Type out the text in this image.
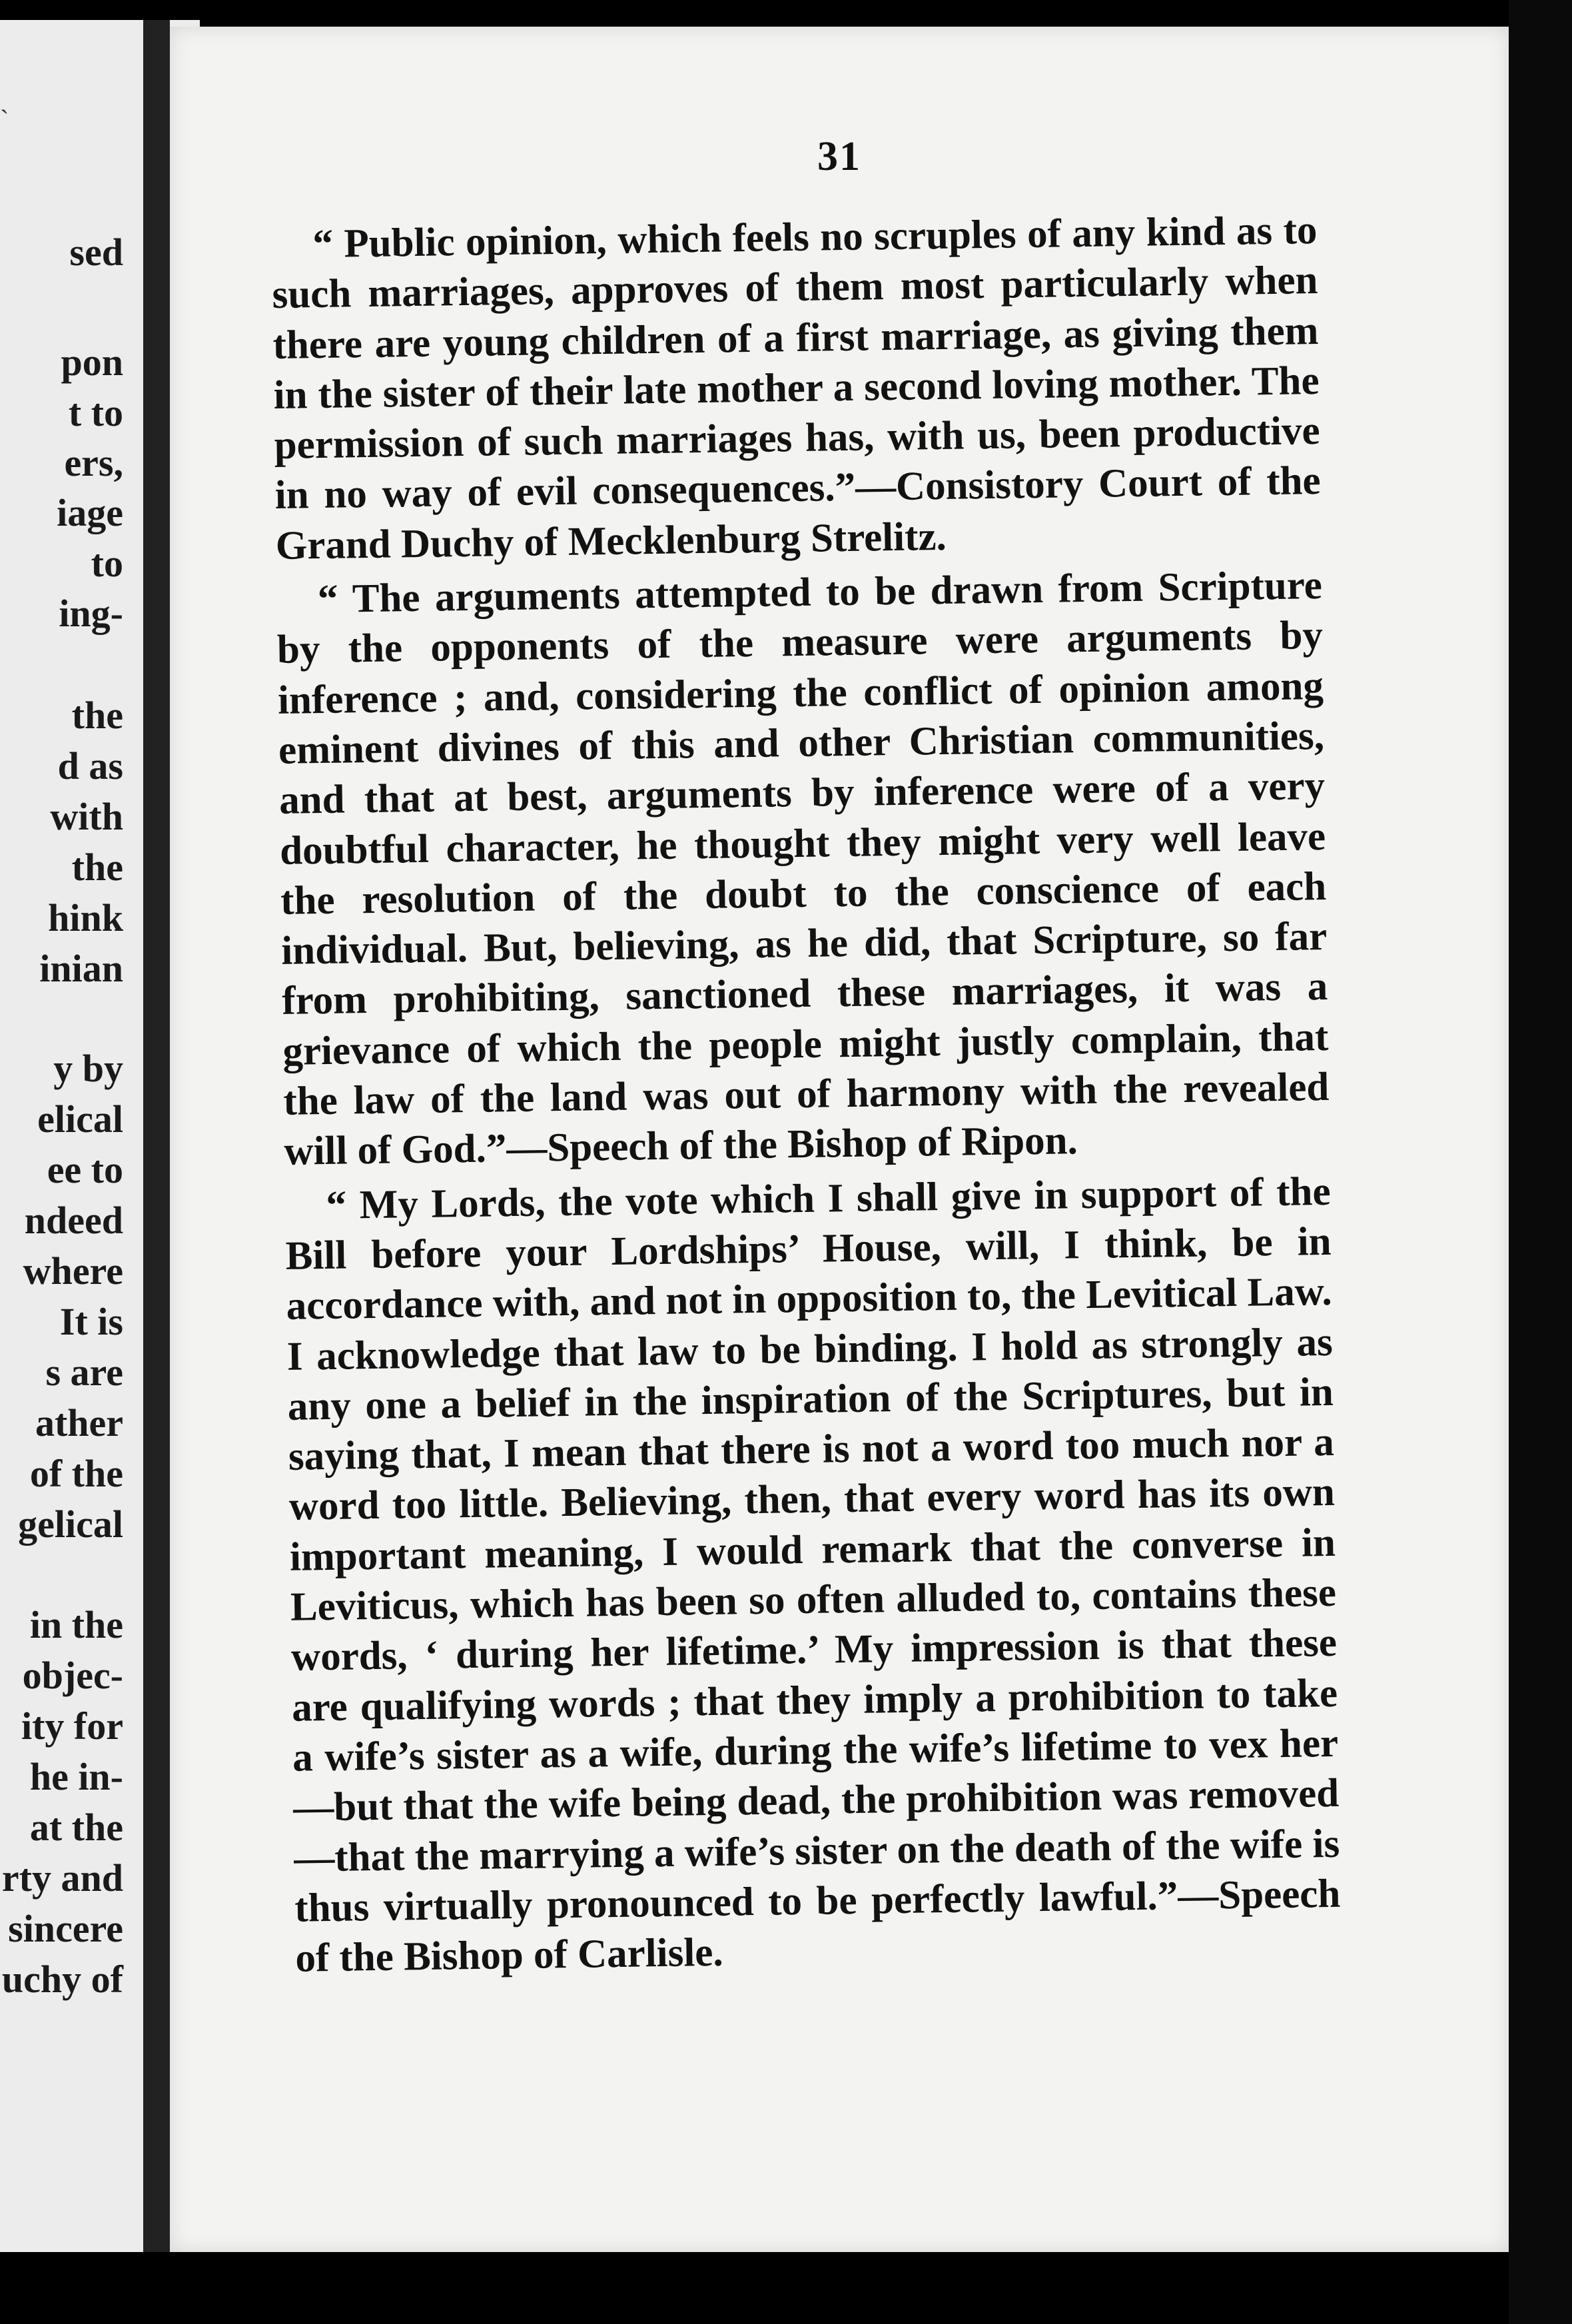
ˎ
sed
pon
t to
ers,
iage
to
ing-
the
d as
with
the
hink
inian
y by
elical
ee to
ndeed
where
It is
s are
ather
of the
gelical
in the
objec-
ity for
he in-
at the
rty and
sincere
uchy of
31

“ Public opinion, which feels no scruples of any kind as to such marriages, approves of them most particularly when there are young children of a first marriage, as giving them in the sister of their late mother a second loving mother. The permission of such marriages has, with us, been productive in no way of evil consequences.”—Consistory Court of the Grand Duchy of Mecklenburg Strelitz.

“ The arguments attempted to be drawn from Scripture by the opponents of the measure were arguments by inference ; and, considering the conflict of opinion among eminent divines of this and other Christian communities, and that at best, arguments by inference were of a very doubtful character, he thought they might very well leave the resolution of the doubt to the conscience of each individual. But, believing, as he did, that Scripture, so far from prohibiting, sanctioned these marriages, it was a grievance of which the people might justly complain, that the law of the land was out of harmony with the revealed will of God.”—Speech of the Bishop of Ripon.

“ My Lords, the vote which I shall give in support of the Bill before your Lordships’ House, will, I think, be in accordance with, and not in opposition to, the Levitical Law. I acknowledge that law to be binding. I hold as strongly as any one a belief in the inspiration of the Scriptures, but in saying that, I mean that there is not a word too much nor a word too little. Believing, then, that every word has its own important meaning, I would remark that the converse in Leviticus, which has been so often alluded to, contains these words, ‘ during her lifetime.’ My impression is that these are qualifying words ; that they imply a prohibition to take a wife’s sister as a wife, during the wife’s lifetime to vex her—but that the wife being dead, the prohibition was removed—that the marrying a wife’s sister on the death of the wife is thus virtually pronounced to be perfectly lawful.”—Speech of the Bishop of Carlisle.
